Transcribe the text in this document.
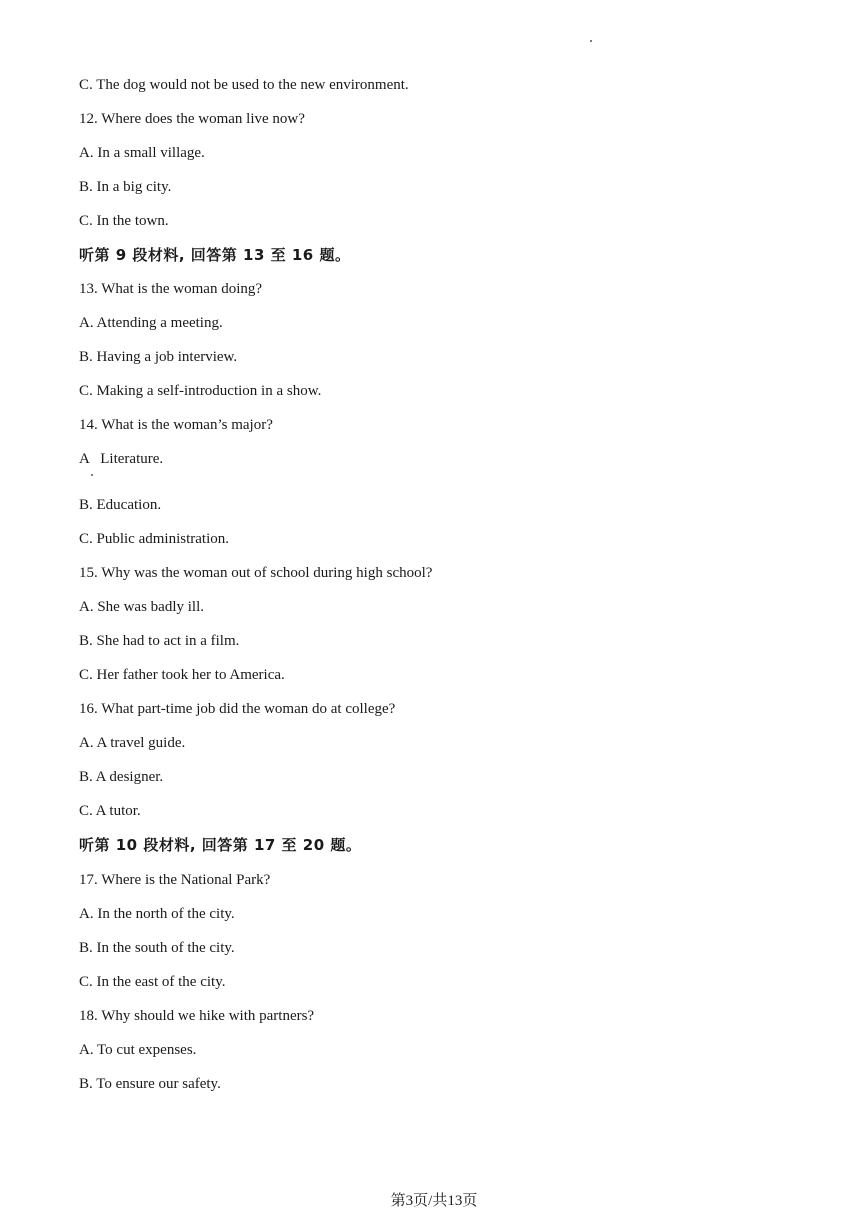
C. The dog would not be used to the new environment.
12. Where does the woman live now?
A. In a small village.
B. In a big city.
C. In the town.
听第 9 段材料, 回答第 13 至 16 题。
13. What is the woman doing?
A. Attending a meeting.
B. Having a job interview.
C. Making a self-introduction in a show.
14. What is the woman’s major?
A   Literature.
B. Education.
C. Public administration.
15. Why was the woman out of school during high school?
A. She was badly ill.
B. She had to act in a film.
C. Her father took her to America.
16. What part-time job did the woman do at college?
A. A travel guide.
B. A designer.
C. A tutor.
听第 10 段材料, 回答第 17 至 20 题。
17. Where is the National Park?
A. In the north of the city.
B. In the south of the city.
C. In the east of the city.
18. Why should we hike with partners?
A. To cut expenses.
B. To ensure our safety.
第3页/共13页
